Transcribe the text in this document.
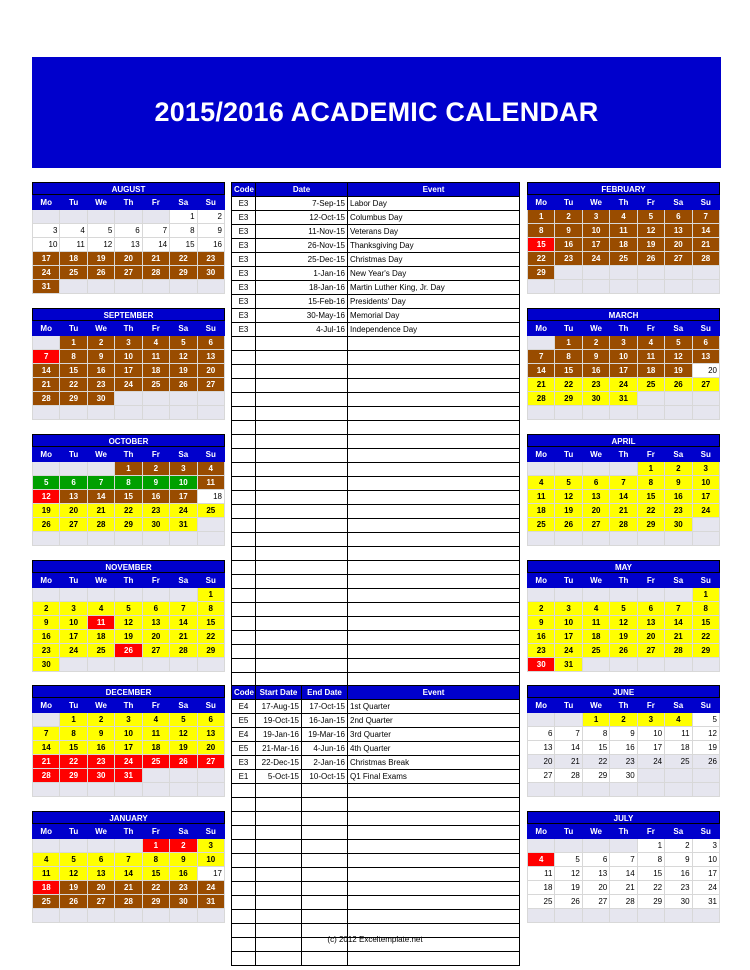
2015/2016 ACADEMIC CALENDAR
AUGUST
Mo	Tu	We	Th	Fr	Sa	Su
					1	2
3	4	5	6	7	8	9
10	11	12	13	14	15	16
17	18	19	20	21	22	23
24	25	26	27	28	29	30
31						
SEPTEMBER
Mo	Tu	We	Th	Fr	Sa	Su
	1	2	3	4	5	6
7	8	9	10	11	12	13
14	15	16	17	18	19	20
21	22	23	24	25	26	27
28	29	30				

OCTOBER
Mo	Tu	We	Th	Fr	Sa	Su
			1	2	3	4
5	6	7	8	9	10	11
12	13	14	15	16	17	18
19	20	21	22	23	24	25
26	27	28	29	30	31	

NOVEMBER
Mo	Tu	We	Th	Fr	Sa	Su
						1
2	3	4	5	6	7	8
9	10	11	12	13	14	15
16	17	18	19	20	21	22
23	24	25	26	27	28	29
30						
DECEMBER
Mo	Tu	We	Th	Fr	Sa	Su
	1	2	3	4	5	6
7	8	9	10	11	12	13
14	15	16	17	18	19	20
21	22	23	24	25	26	27
28	29	30	31			

JANUARY
Mo	Tu	We	Th	Fr	Sa	Su
				1	2	3
4	5	6	7	8	9	10
11	12	13	14	15	16	17
18	19	20	21	22	23	24
25	26	27	28	29	30	31

FEBRUARY
Mo	Tu	We	Th	Fr	Sa	Su
1	2	3	4	5	6	7
8	9	10	11	12	13	14
15	16	17	18	19	20	21
22	23	24	25	26	27	28
29						

MARCH
Mo	Tu	We	Th	Fr	Sa	Su
	1	2	3	4	5	6
7	8	9	10	11	12	13
14	15	16	17	18	19	20
21	22	23	24	25	26	27
28	29	30	31			

APRIL
Mo	Tu	We	Th	Fr	Sa	Su
				1	2	3
4	5	6	7	8	9	10
11	12	13	14	15	16	17
18	19	20	21	22	23	24
25	26	27	28	29	30	

MAY
Mo	Tu	We	Th	Fr	Sa	Su
						1
2	3	4	5	6	7	8
9	10	11	12	13	14	15
16	17	18	19	20	21	22
23	24	25	26	27	28	29
30	31					
JUNE
Mo	Tu	We	Th	Fr	Sa	Su
		1	2	3	4	5
6	7	8	9	10	11	12
13	14	15	16	17	18	19
20	21	22	23	24	25	26
27	28	29	30			

JULY
Mo	Tu	We	Th	Fr	Sa	Su
				1	2	3
4	5	6	7	8	9	10
11	12	13	14	15	16	17
18	19	20	21	22	23	24
25	26	27	28	29	30	31

Code	Date	Event
E3	7-Sep-15	Labor Day
E3	12-Oct-15	Columbus Day
E3	11-Nov-15	Veterans Day
E3	26-Nov-15	Thanksgiving Day
E3	25-Dec-15	Christmas Day
E3	1-Jan-16	New Year's Day
E3	18-Jan-16	Martin Luther King, Jr. Day
E3	15-Feb-16	Presidents' Day
E3	30-May-16	Memorial Day
E3	4-Jul-16	Independence Day

Code	Start Date	End Date	Event
E4	17-Aug-15	17-Oct-15	1st Quarter
E5	19-Oct-15	16-Jan-15	2nd Quarter
E4	19-Jan-16	19-Mar-16	3rd Quarter
E5	21-Mar-16	4-Jun-16	4th Quarter
E3	22-Dec-15	2-Jan-16	Christmas Break
E1	5-Oct-15	10-Oct-15	Q1 Final Exams

(c) 2012 Exceltemplate.net
